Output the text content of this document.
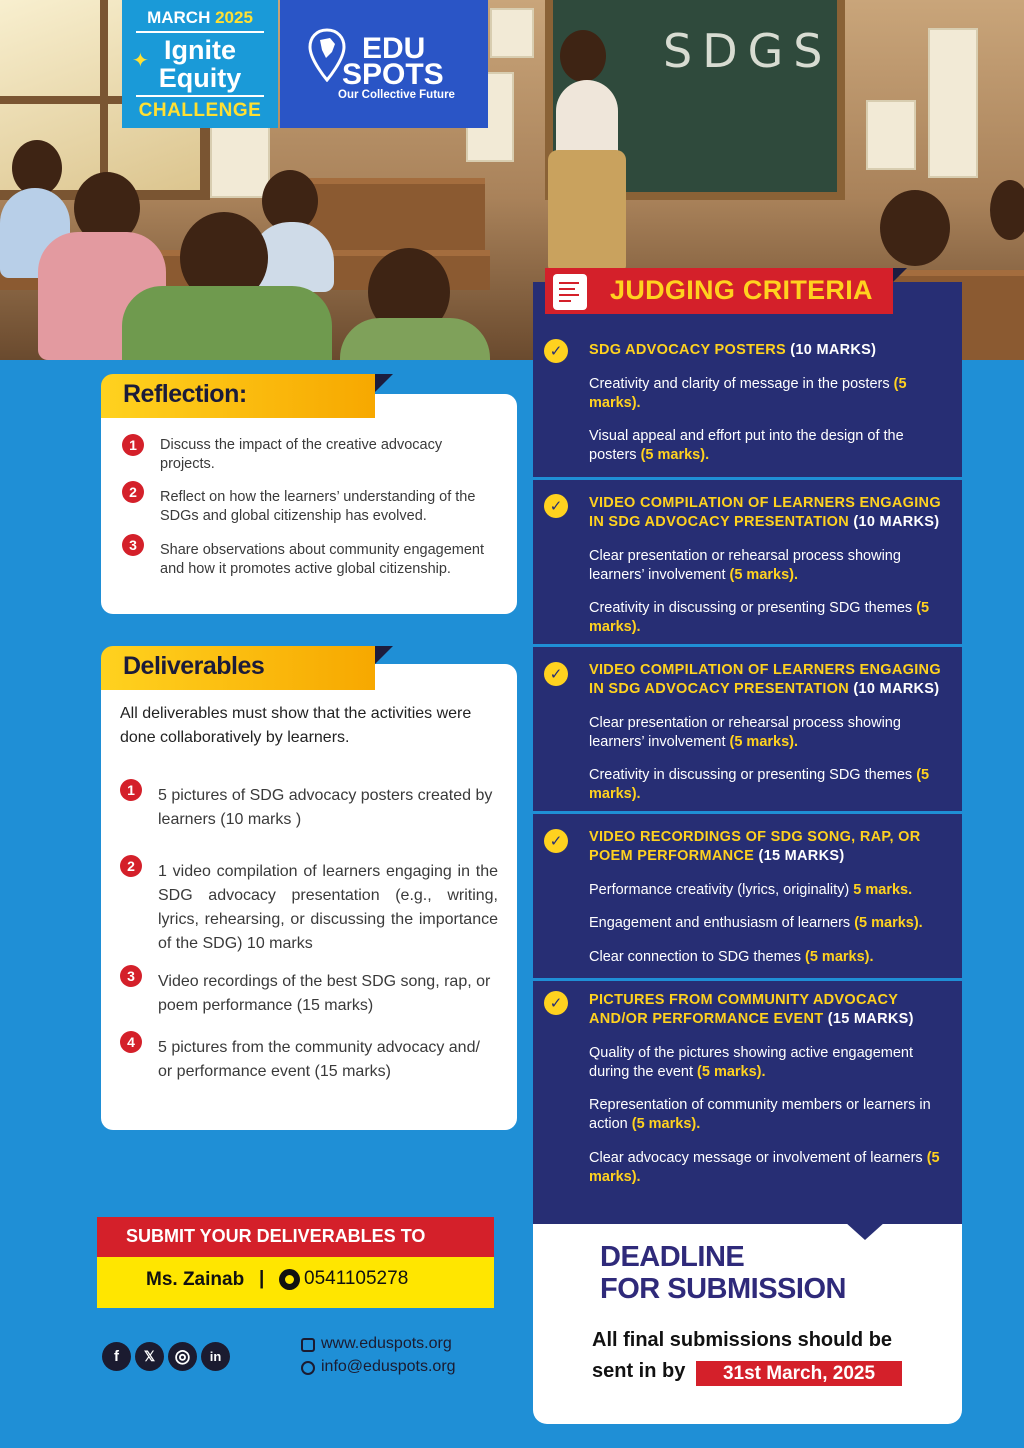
SDGS
MARCH 2025
✦ Ignite
Equity
CHALLENGE
EDU
SPOTS
Our Collective Future
Reflection:
1	Discuss the impact of the creative advocacy projects.
2	Reflect on how the learners’ understanding of the SDGs and global citizenship has evolved.
3	Share observations about community engagement and how it promotes active global citizenship.
Deliverables
All deliverables must show that the activities were done collaboratively by learners.
1	5 pictures of SDG advocacy posters created by learners (10 marks )
2	1 video compilation of learners engaging in the SDG advocacy presentation (e.g., writing, lyrics, rehearsing, or discussing the importance of the SDG) 10 marks
3	Video recordings of the best SDG song, rap, or poem performance (15 marks)
4	5 pictures from the community advocacy and/ or performance event (15 marks)
JUDGING CRITERIA
✓	SDG ADVOCACY POSTERS (10 MARKS)
Creativity and clarity of message in the posters (5 marks).
Visual appeal and effort put into the design of the posters (5 marks).
✓	VIDEO COMPILATION OF LEARNERS ENGAGING IN SDG ADVOCACY PRESENTATION (10 MARKS)
Clear presentation or rehearsal process showing learners’ involvement (5 marks).
Creativity in discussing or presenting SDG themes (5 marks).
✓	VIDEO COMPILATION OF LEARNERS ENGAGING IN SDG ADVOCACY PRESENTATION (10 MARKS)
Clear presentation or rehearsal process showing learners’ involvement (5 marks).
Creativity in discussing or presenting SDG themes (5 marks).
✓	VIDEO RECORDINGS OF SDG SONG, RAP, OR POEM PERFORMANCE (15 MARKS)
Performance creativity (lyrics, originality) 5 marks.
Engagement and enthusiasm of learners (5 marks).
Clear connection to SDG themes (5 marks).
✓	PICTURES FROM COMMUNITY ADVOCACY AND/OR PERFORMANCE EVENT (15 MARKS)
Quality of the pictures showing active engagement during the event (5 marks).
Representation of community members or learners in action (5 marks).
Clear advocacy message or involvement of learners (5 marks).
DEADLINE
FOR SUBMISSION
All final submissions should be
sent in by	31st March, 2025
SUBMIT YOUR DELIVERABLES TO
Ms. Zainab | 0541105278
f	𝕏	◎	in
www.eduspots.org
info@eduspots.org
